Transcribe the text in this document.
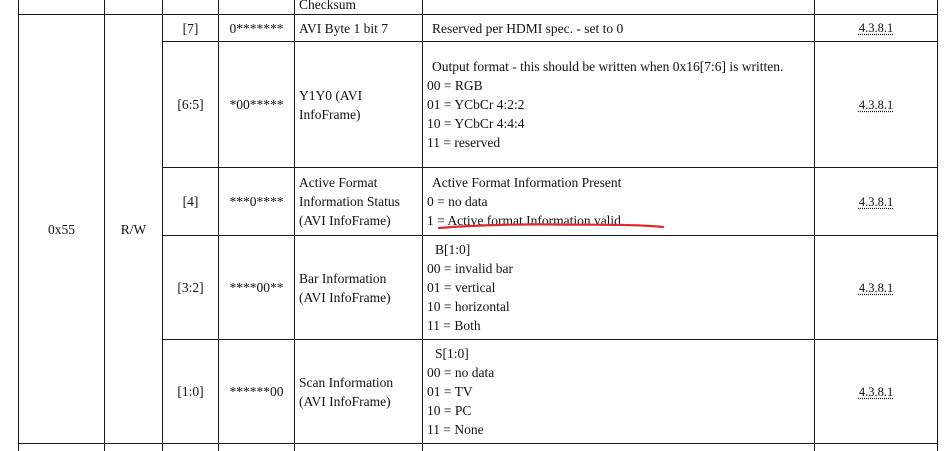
				Checksum		
0x55	R/W	[7]	0*******	AVI Byte 1 bit 7	Reserved per HDMI spec. - set to 0	4.3.8.1
		[6:5]	*00*****	Y1Y0 (AVI
InfoFrame)	Output format - this should be written when 0x16[7:6] is written.
00 = RGB
01 = YCbCr 4:2:2
10 = YCbCr 4:4:4
11 = reserved	4.3.8.1
		[4]	***0****	Active Format
Information Status
(AVI InfoFrame)	Active Format Information Present
0 = no data
1 = Active format Information valid	4.3.8.1
		[3:2]	****00**	Bar Information
(AVI InfoFrame)	B[1:0]
00 = invalid bar
01 = vertical
10 = horizontal
11 = Both	4.3.8.1
		[1:0]	******00	Scan Information
(AVI InfoFrame)	S[1:0]
00 = no data
01 = TV
10 = PC
11 = None	4.3.8.1
